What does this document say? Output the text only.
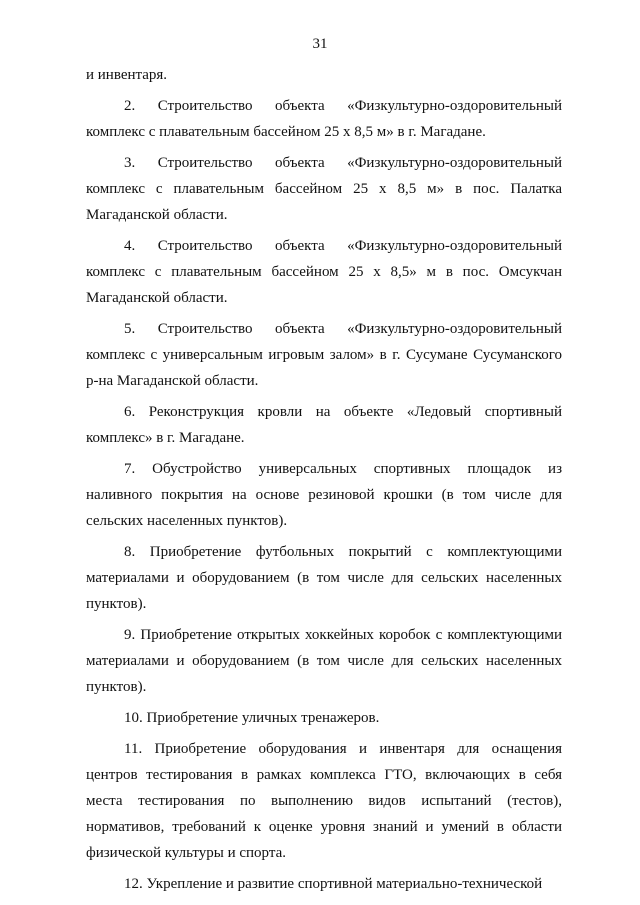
31

и инвентаря.

2. Строительство объекта «Физкультурно-оздоровительный комплекс с плавательным бассейном 25 х 8,5 м» в г. Магадане.

3. Строительство объекта «Физкультурно-оздоровительный комплекс с плавательным бассейном 25 х 8,5 м» в пос. Палатка Магаданской области.

4. Строительство объекта «Физкультурно-оздоровительный комплекс с плавательным бассейном 25 х 8,5» м в пос. Омсукчан Магаданской области.

5. Строительство объекта «Физкультурно-оздоровительный комплекс с универсальным игровым залом» в г. Сусумане Сусуманского р-на Магаданской области.

6. Реконструкция кровли на объекте «Ледовый спортивный комплекс» в г. Магадане.

7. Обустройство универсальных спортивных площадок из наливного покрытия на основе резиновой крошки (в том числе для сельских населенных пунктов).

8. Приобретение футбольных покрытий с комплектующими материалами и оборудованием (в том числе для сельских населенных пунктов).

9. Приобретение открытых хоккейных коробок с комплектующими материалами и оборудованием (в том числе для сельских населенных пунктов).

10. Приобретение уличных тренажеров.

11. Приобретение оборудования и инвентаря для оснащения центров тестирования в рамках комплекса ГТО, включающих в себя места тестирования по выполнению видов испытаний (тестов), нормативов, требований к оценке уровня знаний и умений в области физической культуры и спорта.

12. Укрепление и развитие спортивной материально-технической
